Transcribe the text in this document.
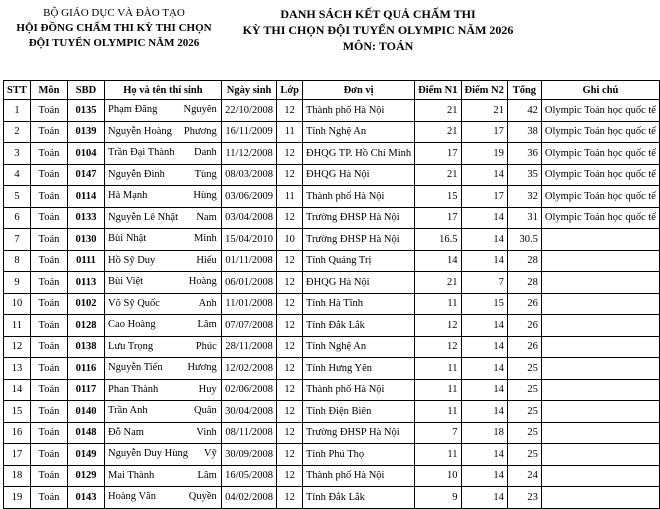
BỘ GIÁO DỤC VÀ ĐÀO TẠO
HỘI ĐỒNG CHẤM THI KỲ THI CHỌN
ĐỘI TUYỂN OLYMPIC NĂM 2026
DANH SÁCH KẾT QUẢ CHẤM THI
KỲ THI CHỌN ĐỘI TUYỂN OLYMPIC NĂM 2026
MÔN: TOÁN
STT	Môn	SBD	Họ và tên thí sinh	Ngày sinh	Lớp	Đơn vị	Điểm N1	Điểm N2	Tổng	Ghi chú
1	Toán	0135	Phạm Đăng Nguyên	22/10/2008	12	Thành phố Hà Nội	21	21	42	Olympic Toán học quốc tế
2	Toán	0139	Nguyễn Hoàng Phương	16/11/2009	11	Tỉnh Nghệ An	21	17	38	Olympic Toán học quốc tế
3	Toán	0104	Trần Đại Thành Danh	11/12/2008	12	ĐHQG TP. Hồ Chí Minh	17	19	36	Olympic Toán học quốc tế
4	Toán	0147	Nguyễn Đình Tùng	08/03/2008	12	ĐHQG Hà Nội	21	14	35	Olympic Toán học quốc tế
5	Toán	0114	Hà Mạnh Hùng	03/06/2009	11	Thành phố Hà Nội	15	17	32	Olympic Toán học quốc tế
6	Toán	0133	Nguyễn Lê Nhật Nam	03/04/2008	12	Trường ĐHSP Hà Nội	17	14	31	Olympic Toán học quốc tế
7	Toán	0130	Bùi Nhật Minh	15/04/2010	10	Trường ĐHSP Hà Nội	16.5	14	30.5	
8	Toán	0111	Hồ Sỹ Duy Hiếu	01/11/2008	12	Tỉnh Quảng Trị	14	14	28	
9	Toán	0113	Bùi Việt Hoàng	06/01/2008	12	ĐHQG Hà Nội	21	7	28	
10	Toán	0102	Võ Sỹ Quốc Anh	11/01/2008	12	Tỉnh Hà Tĩnh	11	15	26	
11	Toán	0128	Cao Hoàng Lâm	07/07/2008	12	Tỉnh Đắk Lắk	12	14	26	
12	Toán	0138	Lưu Trọng Phúc	28/11/2008	12	Tỉnh Nghệ An	12	14	26	
13	Toán	0116	Nguyễn Tiến Hương	12/02/2008	12	Tỉnh Hưng Yên	11	14	25	
14	Toán	0117	Phan Thành Huy	02/06/2008	12	Thành phố Hà Nội	11	14	25	
15	Toán	0140	Trần Anh Quân	30/04/2008	12	Tỉnh Điện Biên	11	14	25	
16	Toán	0148	Đỗ Nam Vinh	08/11/2008	12	Trường ĐHSP Hà Nội	7	18	25	
17	Toán	0149	Nguyễn Duy Hùng Vỹ	30/09/2008	12	Tỉnh Phú Thọ	11	14	25	
18	Toán	0129	Mai Thành Lâm	16/05/2008	12	Thành phố Hà Nội	10	14	24	
19	Toán	0143	Hoàng Văn Quyền	04/02/2008	12	Tỉnh Đắk Lắk	9	14	23	
